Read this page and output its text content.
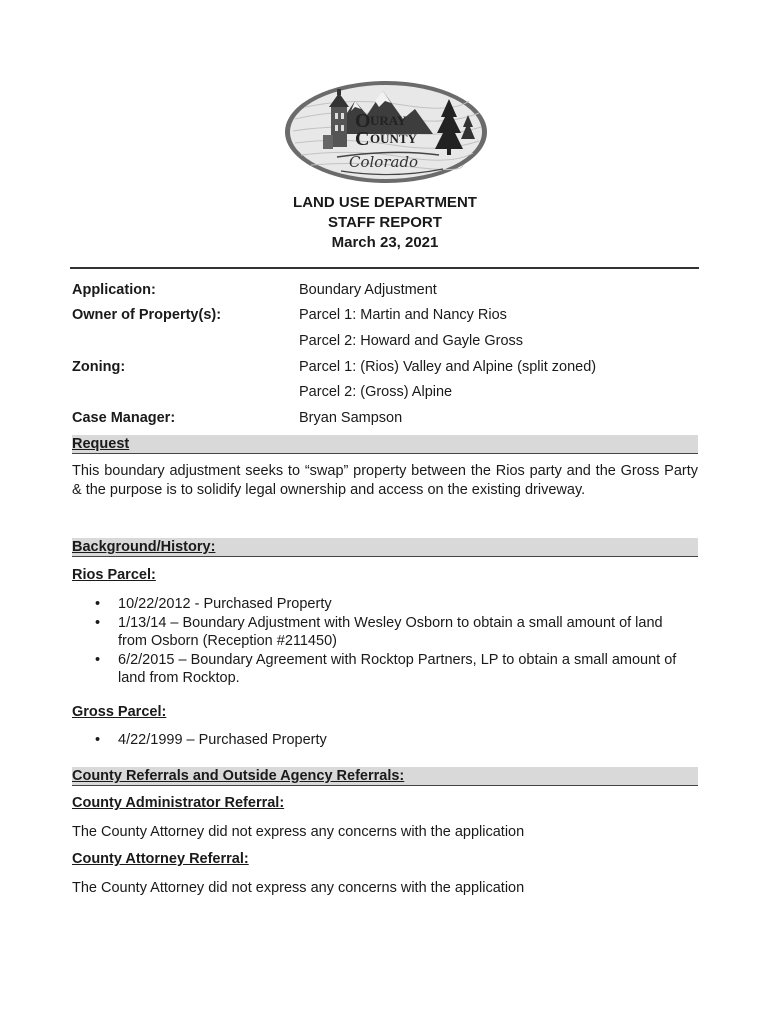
O URAY
C OUNTY
Colorado
LAND USE DEPARTMENT
STAFF REPORT
March 23, 2021
Application:	Boundary Adjustment
Owner of Property(s):	Parcel 1: Martin and Nancy Rios
Parcel 2: Howard and Gayle Gross
Zoning:	Parcel 1: (Rios) Valley and Alpine (split zoned)
Parcel 2: (Gross) Alpine
Case Manager:	Bryan Sampson
Request
This boundary adjustment seeks to “swap” property between the Rios party and the Gross Party & the purpose is to solidify legal ownership and access on the existing driveway.
Background/History:
Rios Parcel:
• 10/22/2012 - Purchased Property
• 1/13/14 – Boundary Adjustment with Wesley Osborn to obtain a small amount of land from Osborn (Reception #211450)
• 6/2/2015 – Boundary Agreement with Rocktop Partners, LP to obtain a small amount of land from Rocktop.
Gross Parcel:
• 4/22/1999 – Purchased Property
County Referrals and Outside Agency Referrals:
County Administrator Referral:
The County Attorney did not express any concerns with the application
County Attorney Referral:
The County Attorney did not express any concerns with the application
